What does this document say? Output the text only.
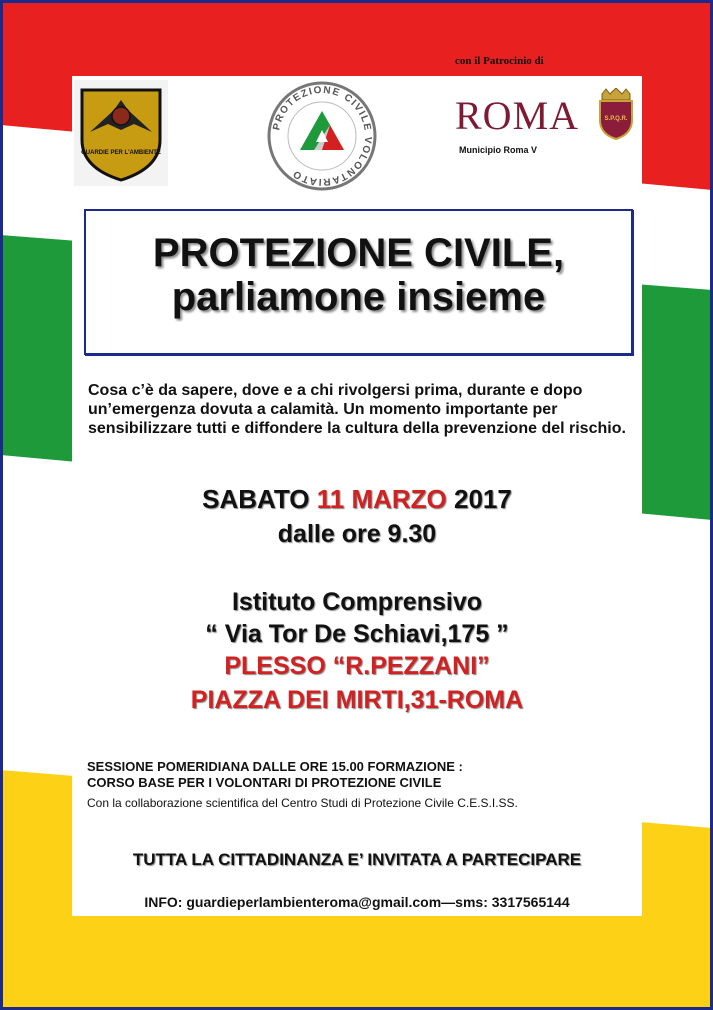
con il Patrocinio di
GUARDIE PER L'AMBIENTE
PROTEZIONE CIVILE VOLONTARIATO
ROMA	S.P.Q.R.
Municipio Roma V
PROTEZIONE CIVILE,
parliamone insieme
Cosa c’è da sapere, dove e a chi rivolgersi prima, durante e dopo un’emergenza dovuta a calamità. Un momento importante per sensibilizzare tutti e diffondere la cultura della prevenzione del rischio.
SABATO 11 MARZO 2017
dalle ore 9.30
Istituto Comprensivo
“ Via Tor De Schiavi,175 ”
PLESSO “R.PEZZANI”
PIAZZA DEI MIRTI,31-ROMA
SESSIONE POMERIDIANA DALLE ORE 15.00 FORMAZIONE :
CORSO BASE PER I VOLONTARI DI PROTEZIONE CIVILE
Con la collaborazione scientifica del Centro Studi di Protezione Civile C.E.S.I.SS.
TUTTA LA CITTADINANZA E’ INVITATA A PARTECIPARE
INFO: guardieperlambienteroma@gmail.com—sms: 3317565144
